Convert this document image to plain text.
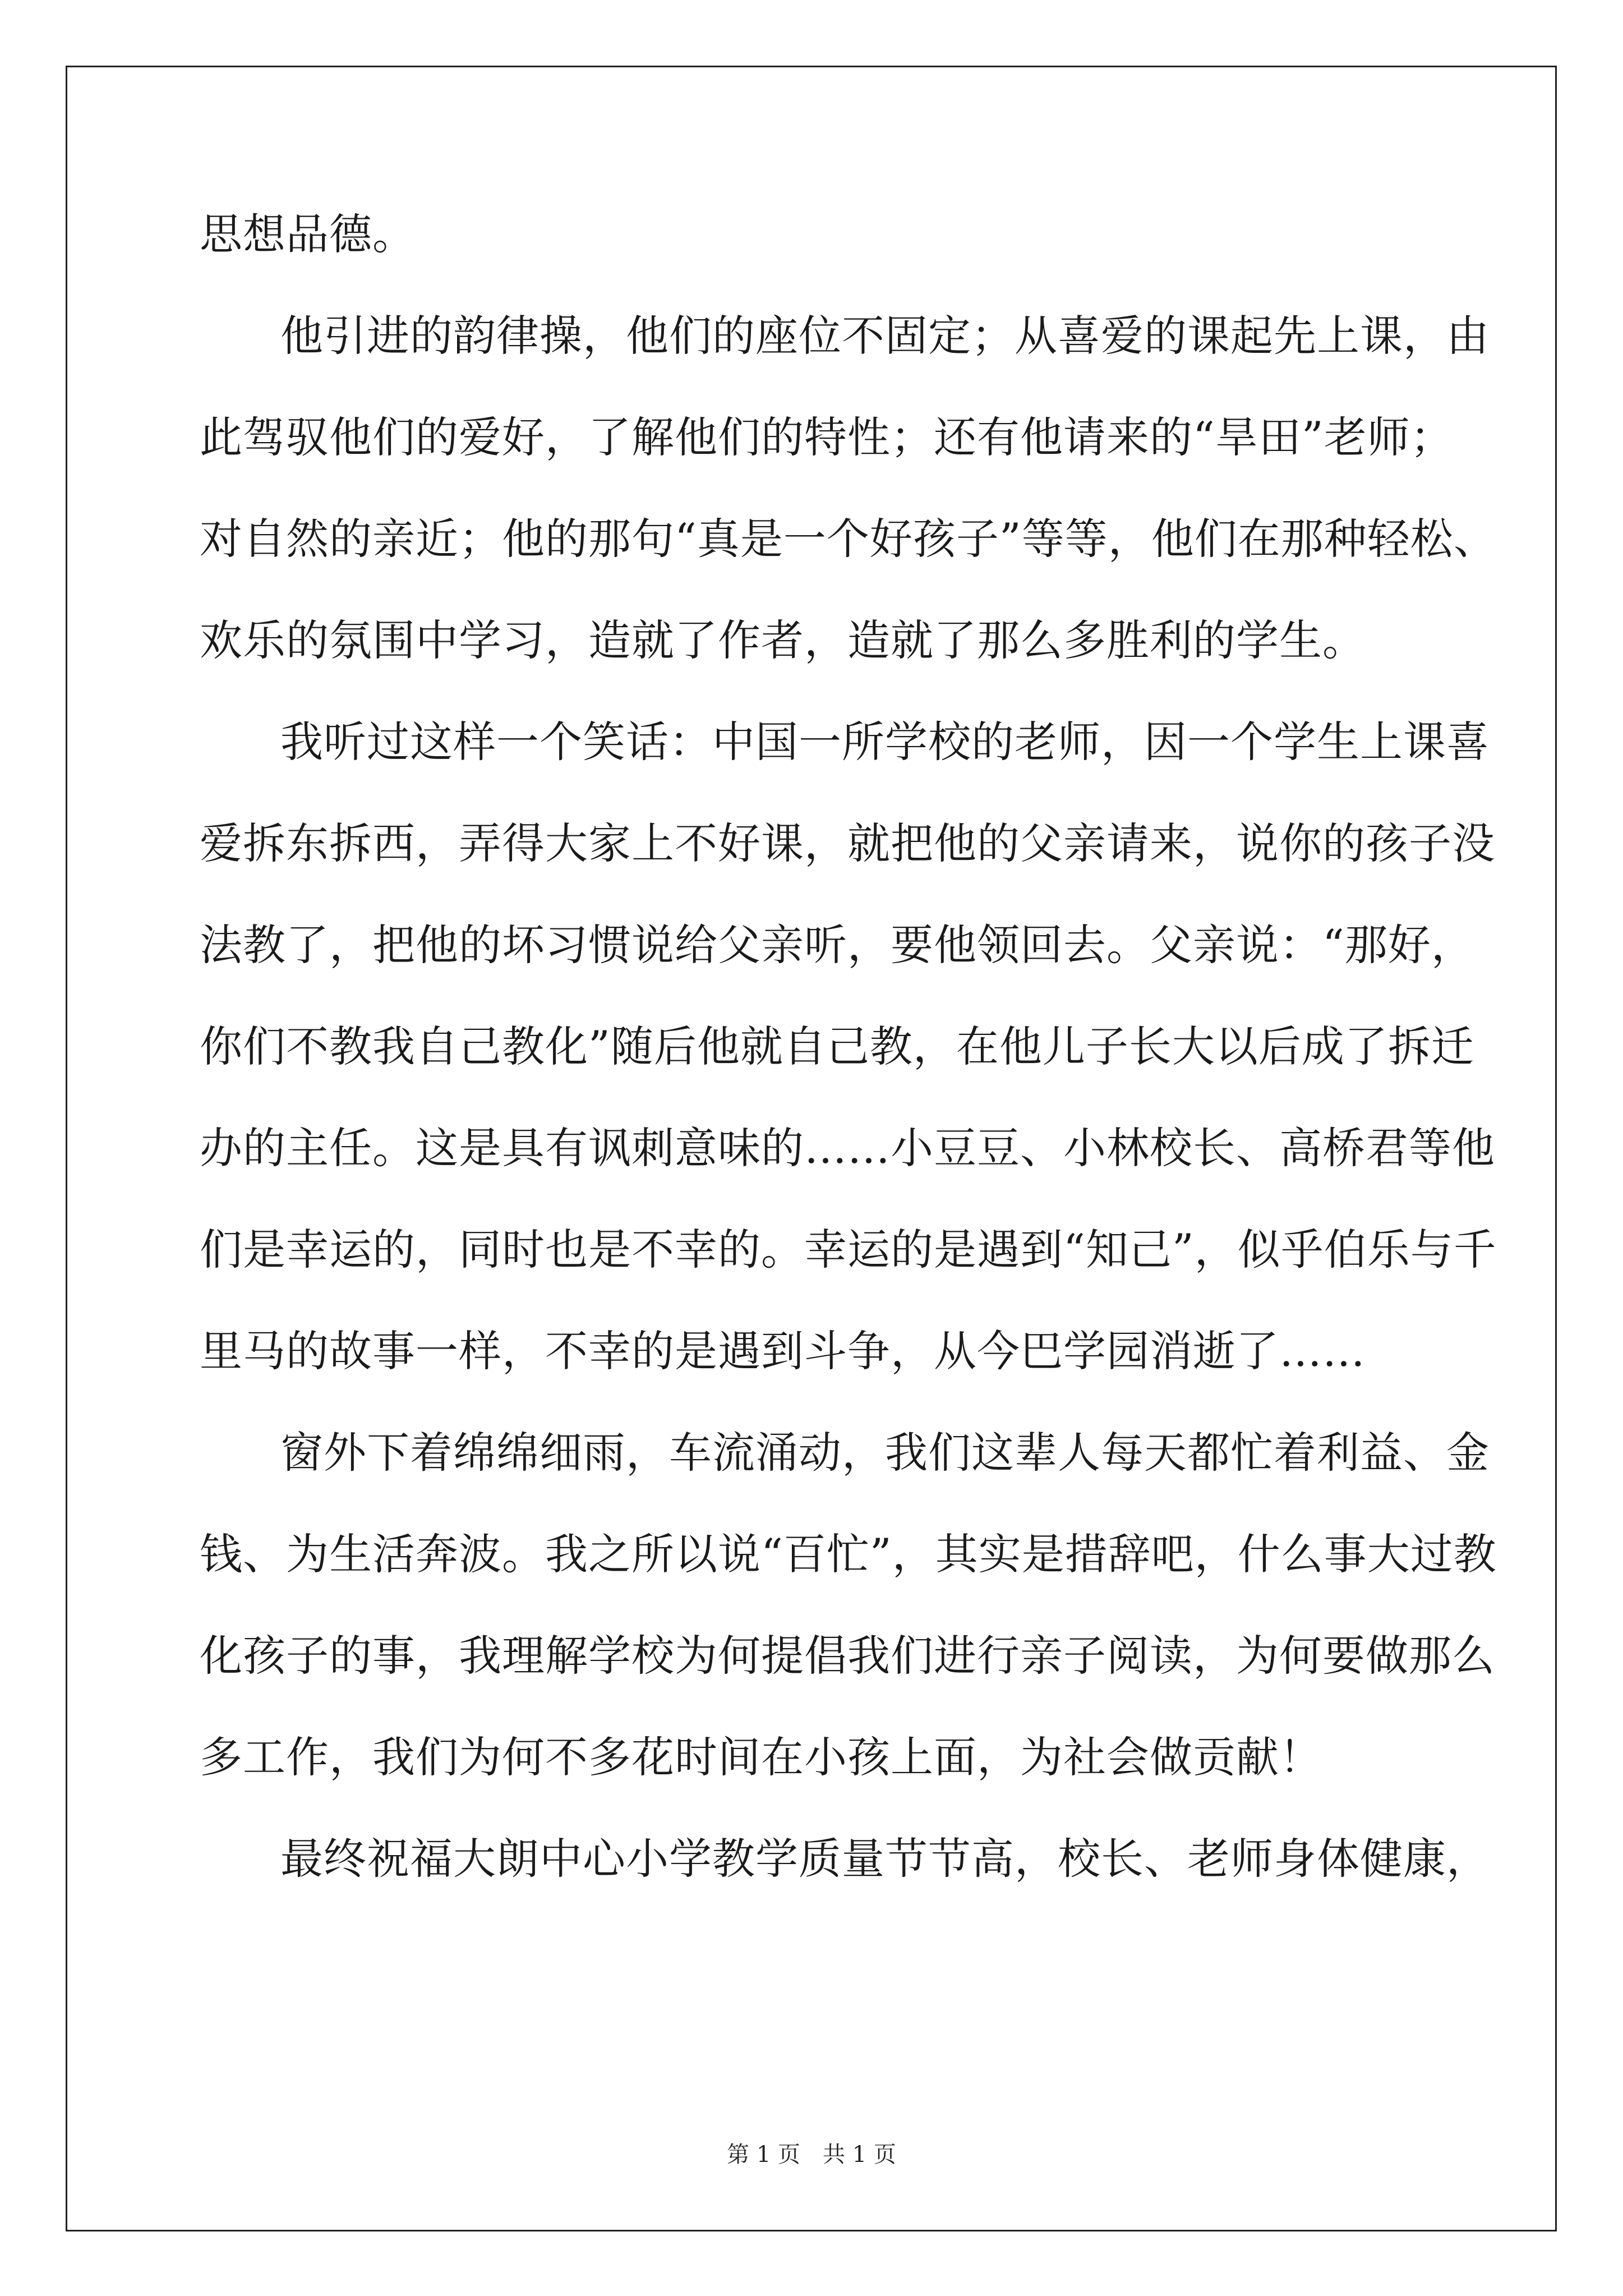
思想品德。
他引进的韵律操，他们的座位不固定；从喜爱的课起先上课，由
此驾驭他们的爱好，了解他们的特性；还有他请来的“旱田”老师；
对自然的亲近；他的那句“真是一个好孩子”等等，他们在那种轻松、
欢乐的氛围中学习，造就了作者，造就了那么多胜利的学生。
我听过这样一个笑话：中国一所学校的老师，因一个学生上课喜
爱拆东拆西，弄得大家上不好课，就把他的父亲请来，说你的孩子没
法教了，把他的坏习惯说给父亲听，要他领回去。父亲说：“那好，
你们不教我自己教化”随后他就自己教，在他儿子长大以后成了拆迁
办的主任。这是具有讽刺意味的……小豆豆、小林校长、高桥君等他
们是幸运的，同时也是不幸的。幸运的是遇到“知己”，似乎伯乐与千
里马的故事一样，不幸的是遇到斗争，从今巴学园消逝了……
窗外下着绵绵细雨，车流涌动，我们这辈人每天都忙着利益、金
钱、为生活奔波。我之所以说“百忙”，其实是措辞吧，什么事大过教
化孩子的事，我理解学校为何提倡我们进行亲子阅读，为何要做那么
多工作，我们为何不多花时间在小孩上面，为社会做贡献！
最终祝福大朗中心小学教学质量节节高，校长、老师身体健康，
第 1 页 共 1 页
